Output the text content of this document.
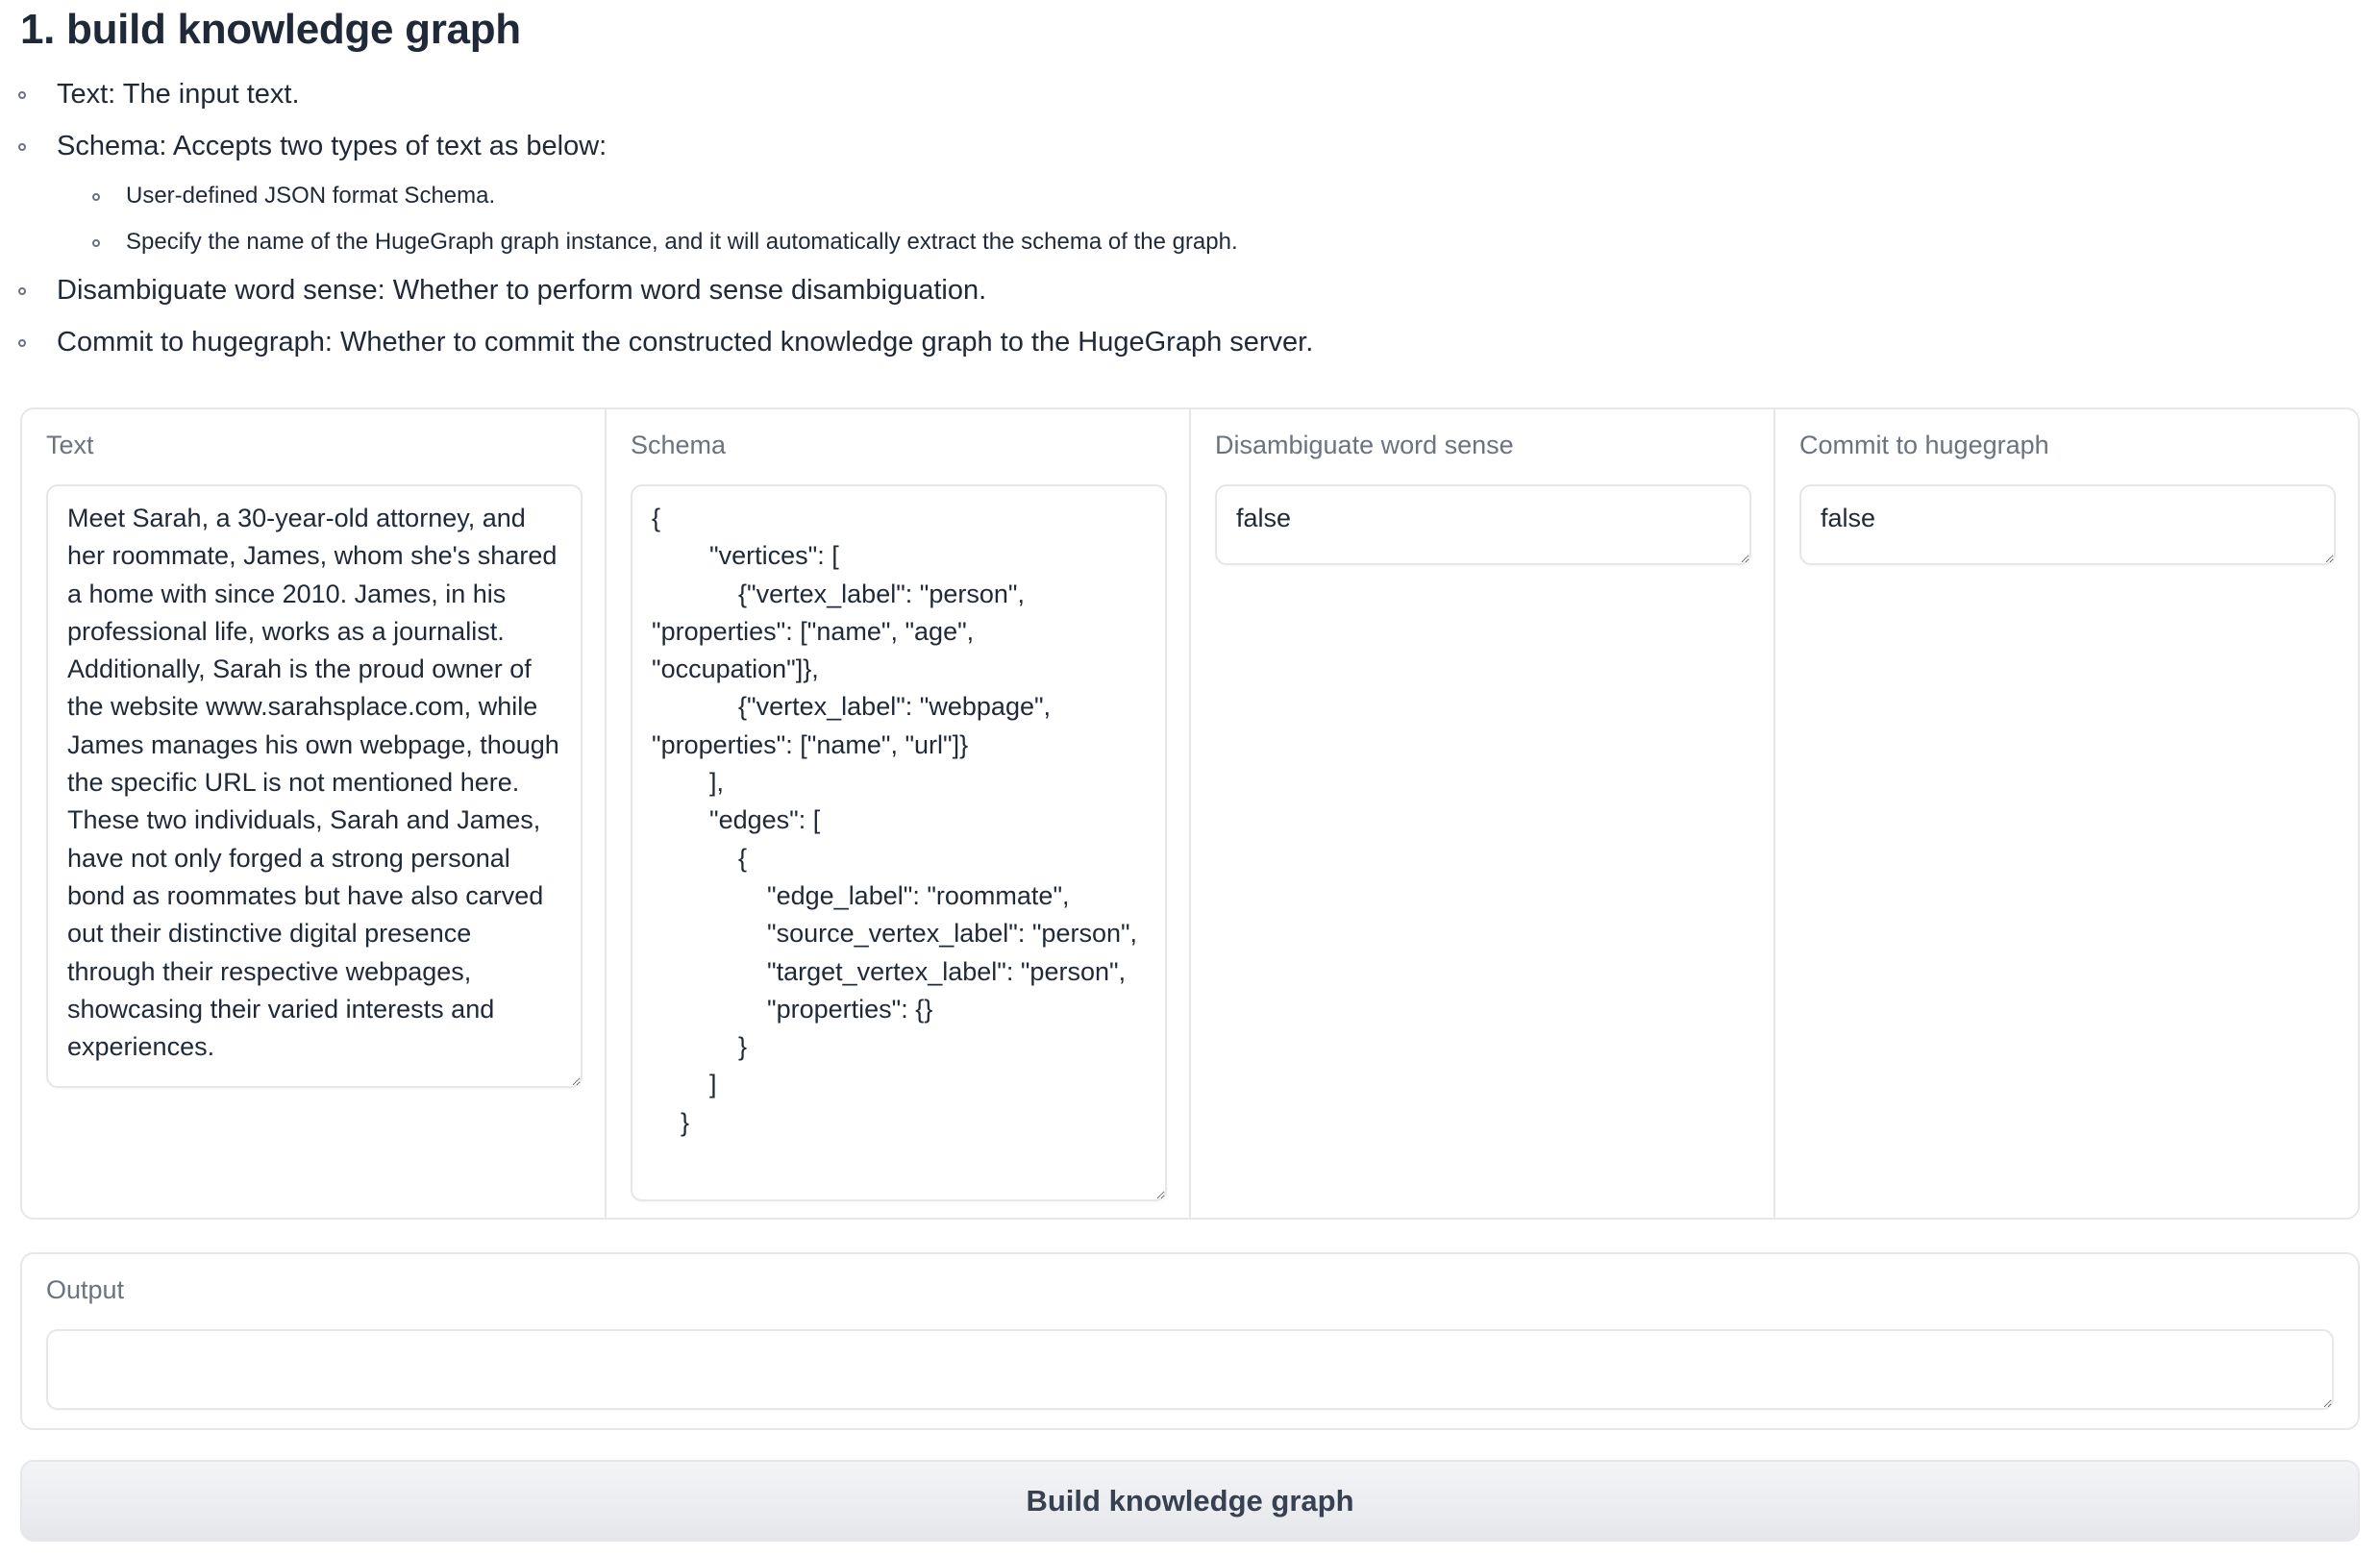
1. build knowledge graph
Text: The input text.
Schema: Accepts two types of text as below:
User-defined JSON format Schema.
Specify the name of the HugeGraph graph instance, and it will automatically extract the schema of the graph.
Disambiguate word sense: Whether to perform word sense disambiguation.
Commit to hugegraph: Whether to commit the constructed knowledge graph to the HugeGraph server.
Text
Meet Sarah, a 30-year-old attorney, and her roommate, James, whom she's shared a home with since 2010. James, in his professional life, works as a journalist. Additionally, Sarah is the proud owner of the website www.sarahsplace.com, while James manages his own webpage, though the specific URL is not mentioned here. These two individuals, Sarah and James, have not only forged a strong personal bond as roommates but have also carved out their distinctive digital presence through their respective webpages, showcasing their varied interests and experiences.	Schema
{ "vertices": [ {"vertex_label": "person", "properties": ["name", "age", "occupation"]}, {"vertex_label": "webpage", "properties": ["name", "url"]} ], "edges": [ { "edge_label": "roommate", "source_vertex_label": "person", "target_vertex_label": "person", "properties": {} } ] }	Disambiguate word sense
false	Commit to hugegraph
false
Output
Build knowledge graph
